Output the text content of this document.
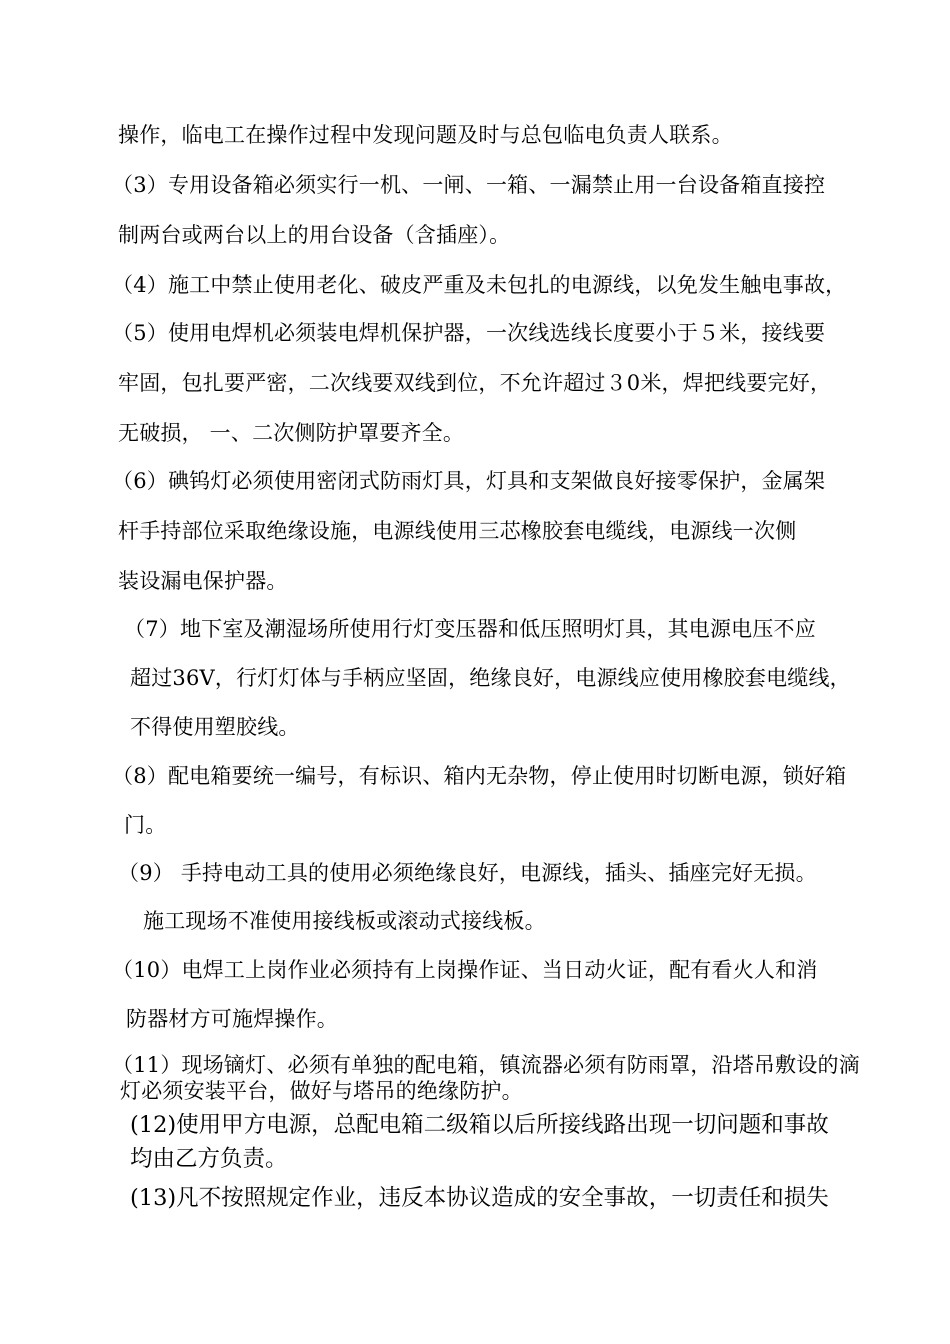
操作，临电工在操作过程中发现问题及时与总包临电负责人联系。
（3）专用设备箱必须实行一机、一闸、一箱、一漏禁止用一台设备箱直接控
制两台或两台以上的用台设备（含插座）。
（4）施工中禁止使用老化、破皮严重及未包扎的电源线，以免发生触电事故，
（5）使用电焊机必须装电焊机保护器，一次线选线长度要小于５米，接线要
牢固，包扎要严密，二次线要双线到位，不允许超过３0米，焊把线要完好，
无破损， 一、二次侧防护罩要齐全。
（6）碘钨灯必须使用密闭式防雨灯具，灯具和支架做良好接零保护，金属架
杆手持部位采取绝缘设施，电源线使用三芯橡胶套电缆线，电源线一次侧
装设漏电保护器。
（7）地下室及潮湿场所使用行灯变压器和低压照明灯具，其电源电压不应
超过36V，行灯灯体与手柄应坚固，绝缘良好，电源线应使用橡胶套电缆线，
不得使用塑胶线。
（8）配电箱要统一编号，有标识、箱内无杂物，停止使用时切断电源，锁好箱
门。
（9） 手持电动工具的使用必须绝缘良好，电源线，插头、插座完好无损。
施工现场不准使用接线板或滚动式接线板。
（10）电焊工上岗作业必须持有上岗操作证、当日动火证，配有看火人和消
防器材方可施焊操作。
（11）现场镝灯、必须有单独的配电箱，镇流器必须有防雨罩，沿塔吊敷设的滴
灯必须安装平台，做好与塔吊的绝缘防护。
(12)使用甲方电源，总配电箱二级箱以后所接线路出现一切问题和事故
均由乙方负责。
(13)凡不按照规定作业，违反本协议造成的安全事故，一切责任和损失
